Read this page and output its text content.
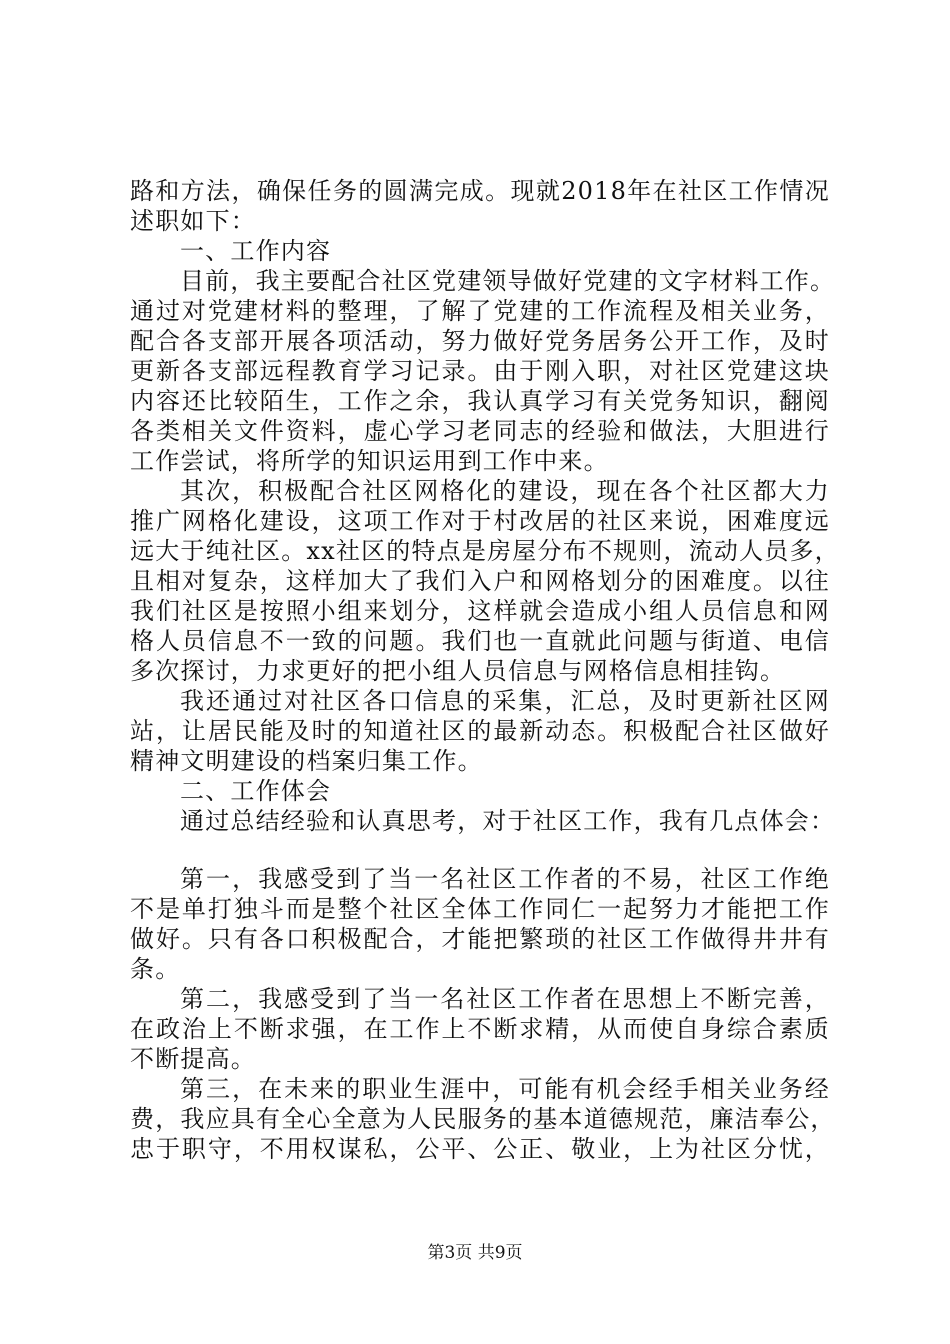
路和方法，确保任务的圆满完成。现就2018年在社区工作情况
述职如下：
一、工作内容
目前，我主要配合社区党建领导做好党建的文字材料工作。
通过对党建材料的整理，了解了党建的工作流程及相关业务，
配合各支部开展各项活动，努力做好党务居务公开工作，及时
更新各支部远程教育学习记录。由于刚入职，对社区党建这块
内容还比较陌生，工作之余，我认真学习有关党务知识，翻阅
各类相关文件资料，虚心学习老同志的经验和做法，大胆进行
工作尝试，将所学的知识运用到工作中来。
其次，积极配合社区网格化的建设，现在各个社区都大力
推广网格化建设，这项工作对于村改居的社区来说，困难度远
远大于纯社区。xx社区的特点是房屋分布不规则，流动人员多，
且相对复杂，这样加大了我们入户和网格划分的困难度。以往
我们社区是按照小组来划分，这样就会造成小组人员信息和网
格人员信息不一致的问题。我们也一直就此问题与街道、电信
多次探讨，力求更好的把小组人员信息与网格信息相挂钩。
我还通过对社区各口信息的采集，汇总，及时更新社区网
站，让居民能及时的知道社区的最新动态。积极配合社区做好
精神文明建设的档案归集工作。
二、工作体会
通过总结经验和认真思考，对于社区工作，我有几点体会：
第一，我感受到了当一名社区工作者的不易，社区工作绝
不是单打独斗而是整个社区全体工作同仁一起努力才能把工作
做好。只有各口积极配合，才能把繁琐的社区工作做得井井有
条。
第二，我感受到了当一名社区工作者在思想上不断完善，
在政治上不断求强，在工作上不断求精，从而使自身综合素质
不断提高。
第三，在未来的职业生涯中，可能有机会经手相关业务经
费，我应具有全心全意为人民服务的基本道德规范，廉洁奉公，
忠于职守，不用权谋私，公平、公正、敬业，上为社区分忧，
第3页 共9页
